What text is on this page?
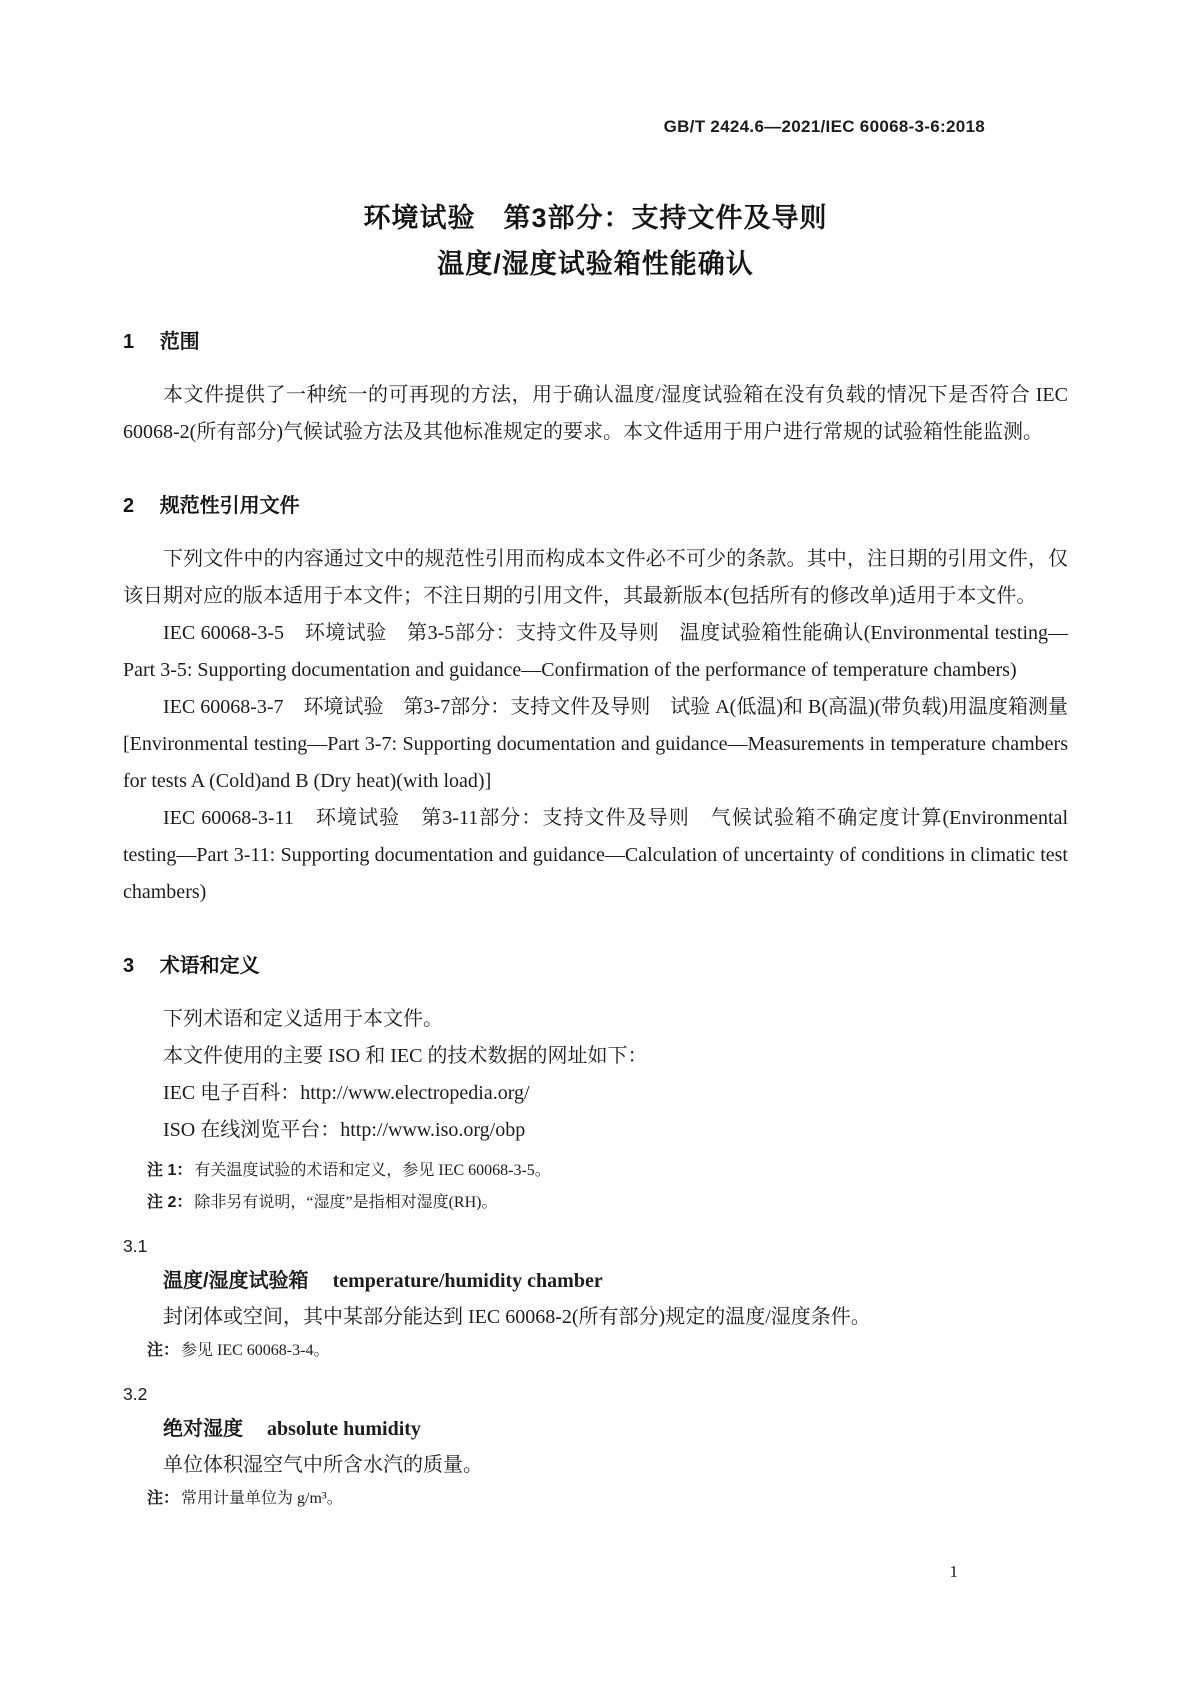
GB/T 2424.6—2021/IEC 60068-3-6:2018
环境试验　第3部分：支持文件及导则
温度/湿度试验箱性能确认
1 范围

本文件提供了一种统一的可再现的方法，用于确认温度/湿度试验箱在没有负载的情况下是否符合 IEC 60068-2(所有部分)气候试验方法及其他标准规定的要求。本文件适用于用户进行常规的试验箱性能监测。

2 规范性引用文件

下列文件中的内容通过文中的规范性引用而构成本文件必不可少的条款。其中，注日期的引用文件，仅该日期对应的版本适用于本文件；不注日期的引用文件，其最新版本(包括所有的修改单)适用于本文件。

IEC 60068-3-5　环境试验　第3-5部分：支持文件及导则　温度试验箱性能确认(Environmental testing—Part 3-5: Supporting documentation and guidance—Confirmation of the performance of temperature chambers)

IEC 60068-3-7　环境试验　第3-7部分：支持文件及导则　试验 A(低温)和 B(高温)(带负载)用温度箱测量 [Environmental testing—Part 3-7: Supporting documentation and guidance—Measurements in temperature chambers for tests A (Cold)and B (Dry heat)(with load)]

IEC 60068-3-11　环境试验　第3-11部分：支持文件及导则　气候试验箱不确定度计算(Environmental testing—Part 3-11: Supporting documentation and guidance—Calculation of uncertainty of conditions in climatic test chambers)

3 术语和定义

下列术语和定义适用于本文件。

本文件使用的主要 ISO 和 IEC 的技术数据的网址如下：

IEC 电子百科：http://www.electropedia.org/

ISO 在线浏览平台：http://www.iso.org/obp

注 1： 有关温度试验的术语和定义，参见 IEC 60068-3-5。

注 2： 除非另有说明，“湿度”是指相对湿度(RH)。

3.1
温度/湿度试验箱 temperature/humidity chamber

封闭体或空间，其中某部分能达到 IEC 60068-2(所有部分)规定的温度/湿度条件。

注： 参见 IEC 60068-3-4。

3.2
绝对湿度 absolute humidity

单位体积湿空气中所含水汽的质量。

注： 常用计量单位为 g/m³。

1
